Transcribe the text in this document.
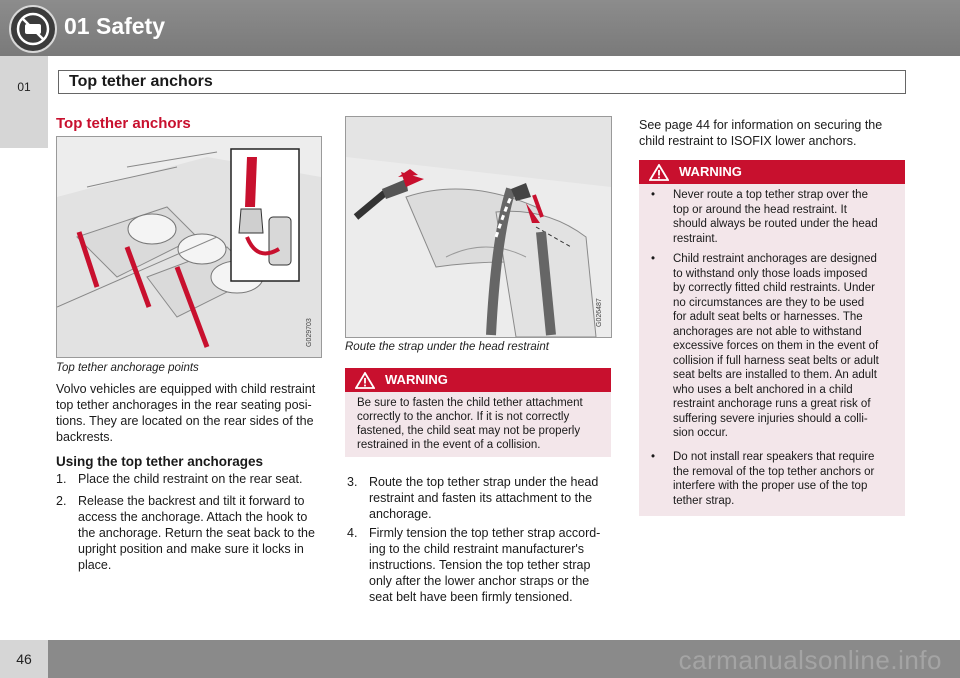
01 Safety
01	Top tether anchors
Top tether anchors
G029703
Top tether anchorage points
Volvo vehicles are equipped with child restraint
top tether anchorages in the rear seating posi-
tions. They are located on the rear sides of the
backrests.
Using the top tether anchorages
1. Place the child restraint on the rear seat.
2. Release the backrest and tilt it forward to
access the anchorage. Attach the hook to
the anchorage. Return the seat back to the
upright position and make sure it locks in
place.
G026487
Route the strap under the head restraint
WARNING
Be sure to fasten the child tether attachment
correctly to the anchor. If it is not correctly
fastened, the child seat may not be properly
restrained in the event of a collision.
3. Route the top tether strap under the head
restraint and fasten its attachment to the
anchorage.
4. Firmly tension the top tether strap accord-
ing to the child restraint manufacturer's
instructions. Tension the top tether strap
only after the lower anchor straps or the
seat belt have been firmly tensioned.
See page 44 for information on securing the
child restraint to ISOFIX lower anchors.
WARNING
• Never route a top tether strap over the
top or around the head restraint. It
should always be routed under the head
restraint.
• Child restraint anchorages are designed
to withstand only those loads imposed
by correctly fitted child restraints. Under
no circumstances are they to be used
for adult seat belts or harnesses. The
anchorages are not able to withstand
excessive forces on them in the event of
collision if full harness seat belts or adult
seat belts are installed to them. An adult
who uses a belt anchored in a child
restraint anchorage runs a great risk of
suffering severe injuries should a colli-
sion occur.
• Do not install rear speakers that require
the removal of the top tether anchors or
interfere with the proper use of the top
tether strap.
46	carmanualsonline.info
